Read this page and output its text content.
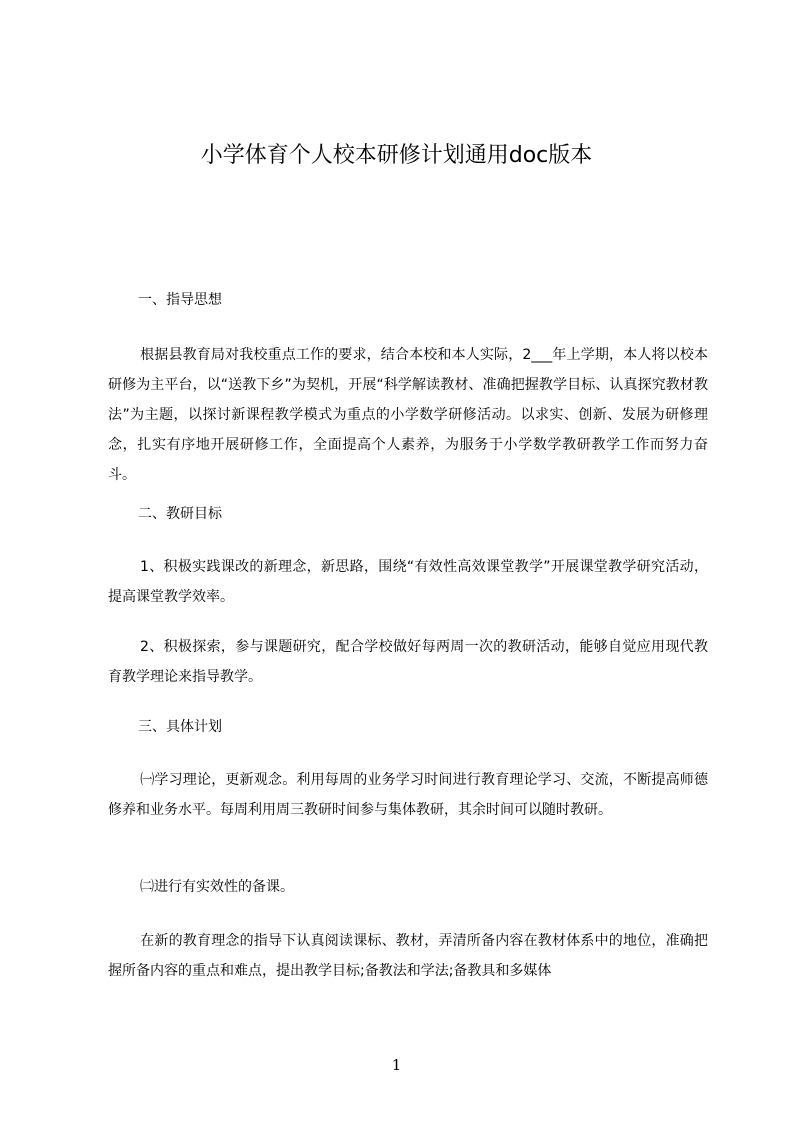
小学体育个人校本研修计划通用doc版本

一、指导思想

根据县教育局对我校重点工作的要求，结合本校和本人实际，2___年上学期，本人将以校本研修为主平台，以“送教下乡”为契机，开展“科学解读教材、准确把握教学目标、认真探究教材教法”为主题，以探讨新课程教学模式为重点的小学数学研修活动。以求实、创新、发展为研修理念，扎实有序地开展研修工作，全面提高个人素养，为服务于小学数学教研教学工作而努力奋斗。

二、教研目标

1、积极实践课改的新理念，新思路，围绕“有效性高效课堂教学”开展课堂教学研究活动，提高课堂教学效率。

2、积极探索，参与课题研究，配合学校做好每两周一次的教研活动，能够自觉应用现代教育教学理论来指导教学。

三、具体计划

㈠学习理论，更新观念。利用每周的业务学习时间进行教育理论学习、交流，不断提高师德修养和业务水平。每周利用周三教研时间参与集体教研，其余时间可以随时教研。

㈡进行有实效性的备课。

在新的教育理念的指导下认真阅读课标、教材，弄清所备内容在教材体系中的地位，准确把握所备内容的重点和难点，提出教学目标;备教法和学法;备教具和多媒体

1
